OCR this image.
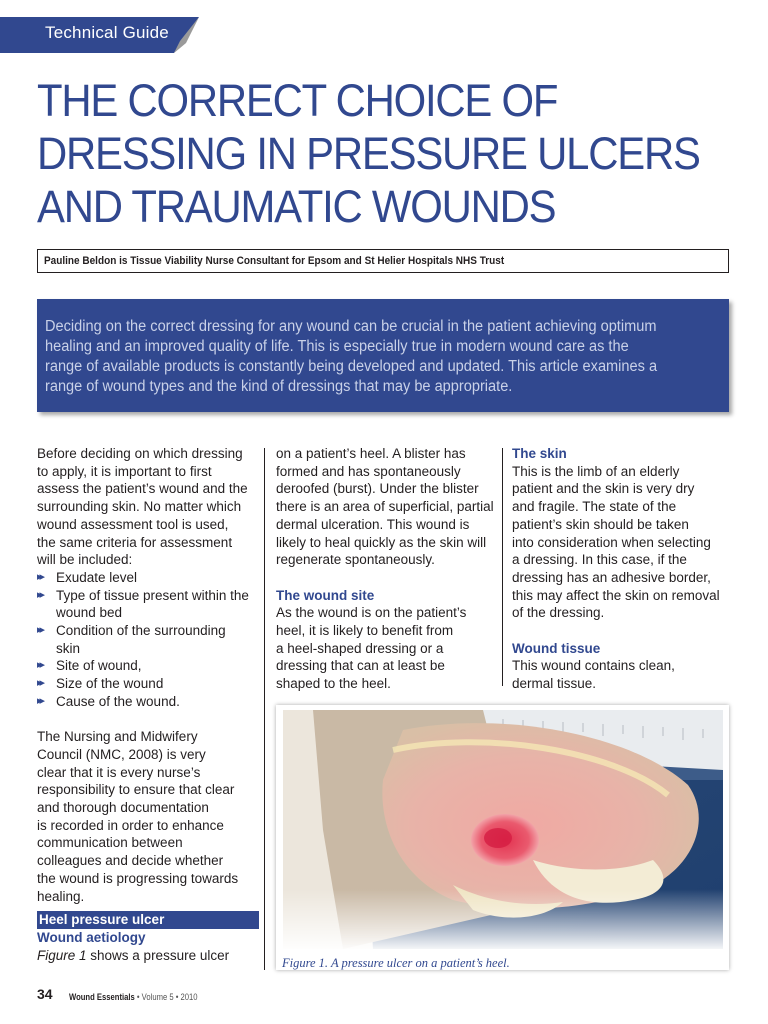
Technical Guide
THE CORRECT CHOICE OF
DRESSING IN PRESSURE ULCERS
AND TRAUMATIC WOUNDS
Pauline Beldon is Tissue Viability Nurse Consultant for Epsom and St Helier Hospitals NHS Trust

Deciding on the correct dressing for any wound can be crucial in the patient achieving optimum
healing and an improved quality of life. This is especially true in modern wound care as the
range of available products is constantly being developed and updated. This article examines a
range of wound types and the kind of dressings that may be appropriate.

Before deciding on which dressing
to apply, it is important to first
assess the patient’s wound and the
surrounding skin. No matter which
wound assessment tool is used,
the same criteria for assessment
will be included:
▸▸ Exudate level
▸▸ Type of tissue present within the
wound bed
▸▸ Condition of the surrounding
skin
▸▸ Site of wound,
▸▸ Size of the wound
▸▸ Cause of the wound.
The Nursing and Midwifery
Council (NMC, 2008) is very
clear that it is every nurse’s
responsibility to ensure that clear
and thorough documentation
is recorded in order to enhance
communication between
colleagues and decide whether
the wound is progressing towards
healing.
Heel pressure ulcer
Wound aetiology
Figure 1 shows a pressure ulcer
on a patient’s heel. A blister has
formed and has spontaneously
deroofed (burst). Under the blister
there is an area of superficial, partial
dermal ulceration. This wound is
likely to heal quickly as the skin will
regenerate spontaneously.
The wound site
As the wound is on the patient’s
heel, it is likely to benefit from
a heel-shaped dressing or a
dressing that can at least be
shaped to the heel.
The skin
This is the limb of an elderly
patient and the skin is very dry
and fragile. The state of the
patient’s skin should be taken
into consideration when selecting
a dressing. In this case, if the
dressing has an adhesive border,
this may affect the skin on removal
of the dressing.
Wound tissue
This wound contains clean,
dermal tissue.
Figure 1. A pressure ulcer on a patient’s heel.
34 Wound Essentials • Volume 5 • 2010
